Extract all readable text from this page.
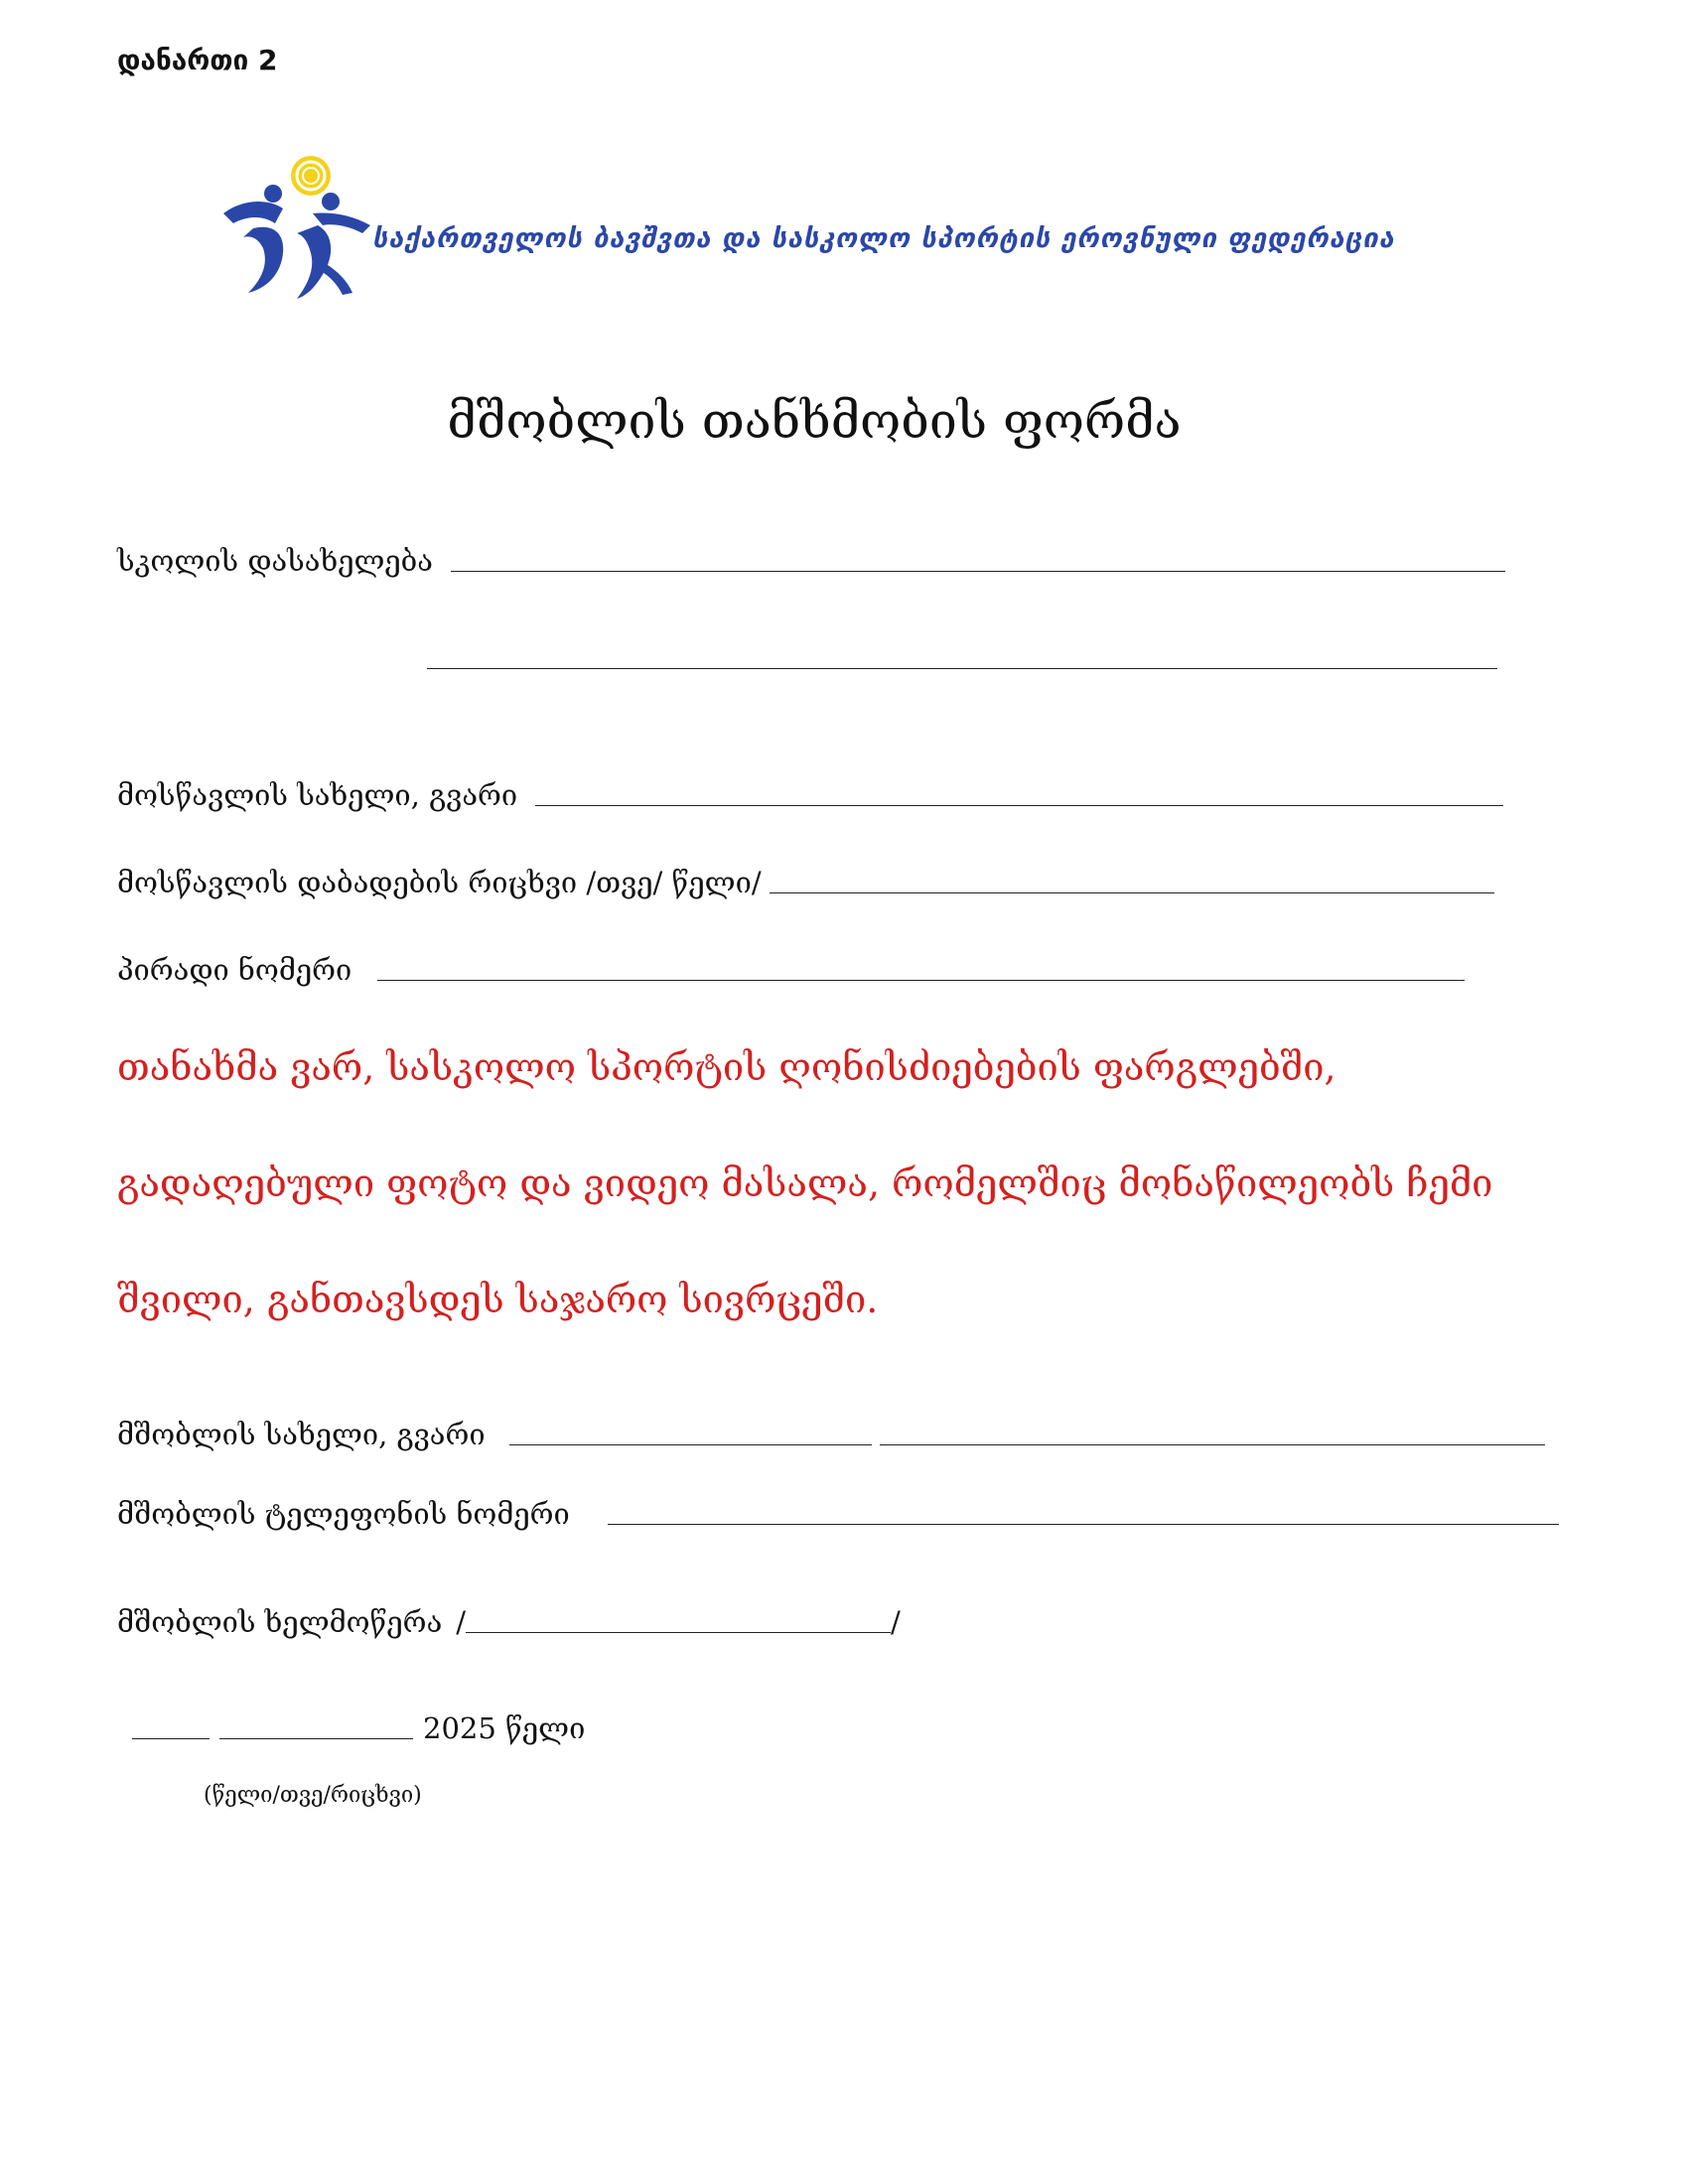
დანართი 2
საქართველოს ბავშვთა და სასკოლო სპორტის ეროვნული ფედერაცია
მშობლის თანხმობის ფორმა
სკოლის დასახელება
მოსწავლის სახელი, გვარი
მოსწავლის დაბადების რიცხვი /თვე/ წელი/
პირადი ნომერი
თანახმა ვარ, სასკოლო სპორტის ღონისძიებების ფარგლებში,
გადაღებული ფოტო და ვიდეო მასალა, რომელშიც მონაწილეობს ჩემი
შვილი, განთავსდეს საჯარო სივრცეში.
მშობლის სახელი, გვარი
მშობლის ტელეფონის ნომერი
მშობლის ხელმოწერა /	/
2025 წელი
(წელი/თვე/რიცხვი)
